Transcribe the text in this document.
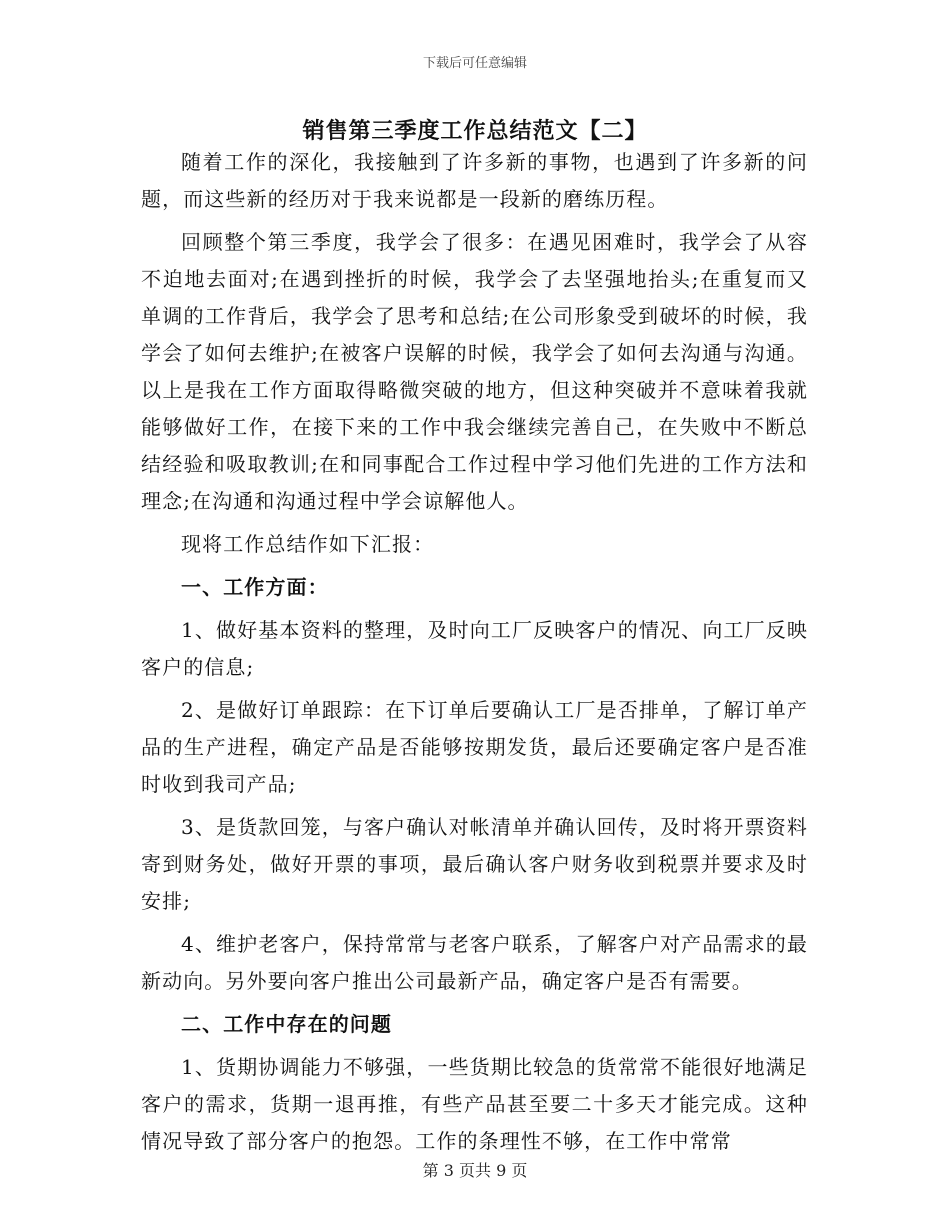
下载后可任意编辑
销售第三季度工作总结范文【二】

随着工作的深化，我接触到了许多新的事物，也遇到了许多新的问题，而这些新的经历对于我来说都是一段新的磨练历程。

回顾整个第三季度，我学会了很多：在遇见困难时，我学会了从容不迫地去面对;在遇到挫折的时候，我学会了去坚强地抬头;在重复而又单调的工作背后，我学会了思考和总结;在公司形象受到破坏的时候，我学会了如何去维护;在被客户误解的时候，我学会了如何去沟通与沟通。以上是我在工作方面取得略微突破的地方，但这种突破并不意味着我就能够做好工作，在接下来的工作中我会继续完善自己，在失败中不断总结经验和吸取教训;在和同事配合工作过程中学习他们先进的工作方法和理念;在沟通和沟通过程中学会谅解他人。

现将工作总结作如下汇报：

一、工作方面：

1、做好基本资料的整理，及时向工厂反映客户的情况、向工厂反映客户的信息;

2、是做好订单跟踪：在下订单后要确认工厂是否排单，了解订单产品的生产进程，确定产品是否能够按期发货，最后还要确定客户是否准时收到我司产品;

3、是货款回笼，与客户确认对帐清单并确认回传，及时将开票资料寄到财务处，做好开票的事项，最后确认客户财务收到税票并要求及时安排;

4、维护老客户，保持常常与老客户联系，了解客户对产品需求的最新动向。另外要向客户推出公司最新产品，确定客户是否有需要。

二、工作中存在的问题

1、货期协调能力不够强，一些货期比较急的货常常不能很好地满足客户的需求，货期一退再推，有些产品甚至要二十多天才能完成。这种情况导致了部分客户的抱怨。工作的条理性不够，在工作中常常

第 3 页共 9 页
